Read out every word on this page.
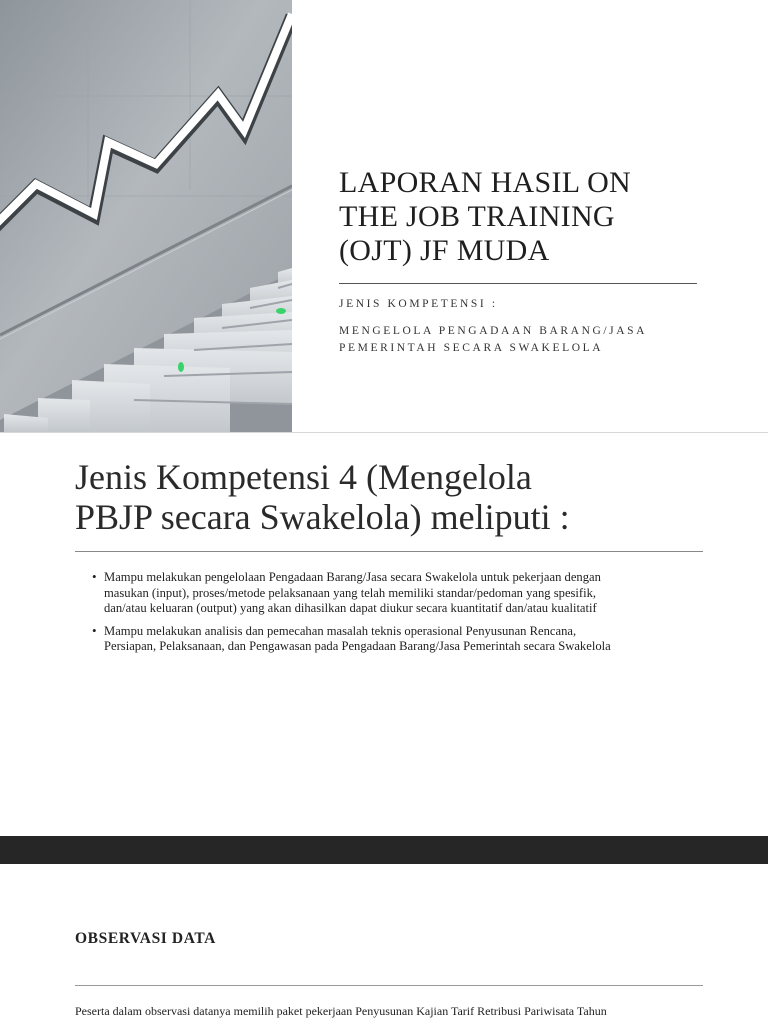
LAPORAN HASIL ON
THE JOB TRAINING
(OJT) JF MUDA
JENIS KOMPETENSI :
MENGELOLA PENGADAAN BARANG/JASA
PEMERINTAH SECARA SWAKELOLA
Jenis Kompetensi 4 (Mengelola
PBJP secara Swakelola) meliputi :
• Mampu melakukan pengelolaan Pengadaan Barang/Jasa secara Swakelola untuk pekerjaan dengan
masukan (input), proses/metode pelaksanaan yang telah memiliki standar/pedoman yang spesifik,
dan/atau keluaran (output) yang akan dihasilkan dapat diukur secara kuantitatif dan/atau kualitatif
• Mampu melakukan analisis dan pemecahan masalah teknis operasional Penyusunan Rencana,
Persiapan, Pelaksanaan, dan Pengawasan pada Pengadaan Barang/Jasa Pemerintah secara Swakelola
OBSERVASI DATA
Peserta dalam observasi datanya memilih paket pekerjaan Penyusunan Kajian Tarif Retribusi Pariwisata Tahun
